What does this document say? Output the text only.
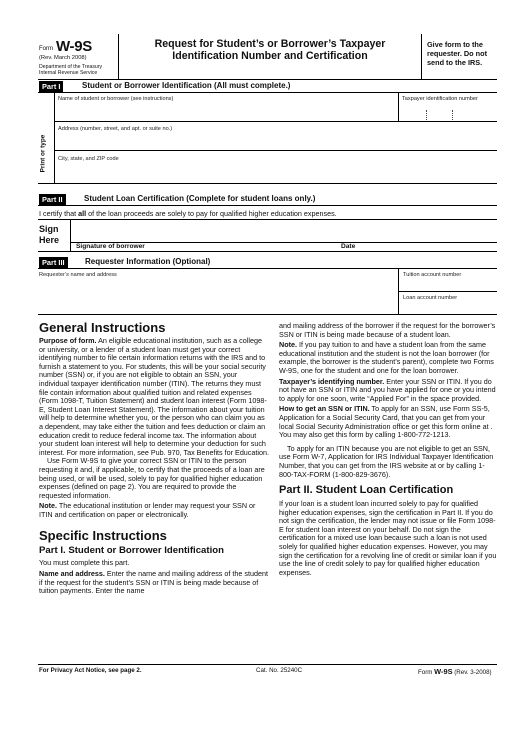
Form W-9S
(Rev. March 2008)
Department of the Treasury
Internal Revenue Service
Request for Student’s or Borrower’s Taxpayer
Identification Number and Certification
Give form to the requester. Do not send to the IRS.
Part I	Student or Borrower Identification (All must complete.)
Print or type
Name of student or borrower (see instructions)	Taxpayer identification number
Address (number, street, and apt. or suite no.)
City, state, and ZIP code
Part II	Student Loan Certification (Complete for student loans only.)
I certify that all of the loan proceeds are solely to pay for qualified higher education expenses.
Sign
Here
Signature of borrower	Date
Part III	Requester Information (Optional)
Requester’s name and address	Tuition account number
Loan account number
General Instructions

Purpose of form. An eligible educational institution, such as a college or university, or a lender of a student loan must get your correct identifying number to file certain information returns with the IRS and to furnish a statement to you. For students, this will be your social security number (SSN) or, if you are not eligible to obtain an SSN, your individual taxpayer identification number (ITIN). The returns they must file contain information about qualified tuition and related expenses (Form 1098-T, Tuition Statement) and student loan interest (Form 1098-E, Student Loan Interest Statement). The information about your tuition will help to determine whether you, or the person who can claim you as a dependent, may take either the tuition and fees deduction or claim an education credit to reduce federal income tax. The information about your student loan interest will help to determine your deduction for such interest. For more information, see Pub. 970, Tax Benefits for Education.

Use Form W-9S to give your correct SSN or ITIN to the person requesting it and, if applicable, to certify that the proceeds of a loan are being used, or will be used, solely to pay for qualified higher education expenses (defined on page 2). You are required to provide the requested information.

Note. The educational institution or lender may request your SSN or ITIN and certification on paper or electronically.

Specific Instructions
Part I. Student or Borrower Identification

You must complete this part.

Name and address. Enter the name and mailing address of the student if the request for the student’s SSN or ITIN is being made because of tuition payments. Enter the name

and mailing address of the borrower if the request for the borrower’s SSN or ITIN is being made because of a student loan.

Note. If you pay tuition to and have a student loan from the same educational institution and the student is not the loan borrower (for example, the borrower is the student’s parent), complete two Forms W-9S, one for the student and one for the loan borrower.

Taxpayer’s identifying number. Enter your SSN or ITIN. If you do not have an SSN or ITIN and you have applied for one or you intend to apply for one soon, write “Applied For” in the space provided.

How to get an SSN or ITIN. To apply for an SSN, use Form SS-5, Application for a Social Security Card, that you can get from your local Social Security Administration office or get this form online at . You may also get this form by calling 1-800-772-1213.

To apply for an ITIN because you are not eligible to get an SSN, use Form W-7, Application for IRS Individual Taxpayer Identification Number, that you can get from the IRS website at or by calling 1-800-TAX-FORM (1-800-829-3676).

Part II. Student Loan Certification

If your loan is a student loan incurred solely to pay for qualified higher education expenses, sign the certification in Part II. If you do not sign the certification, the lender may not issue or file Form 1098-E for student loan interest on your behalf. Do not sign the certification for a mixed use loan because such a loan is not used solely for qualified higher education expenses. However, you may sign the certification for a revolving line of credit or similar loan if you use the line of credit solely to pay for qualified higher education expenses.

For Privacy Act Notice, see page 2.	Cat. No. 25240C	Form W-9S (Rev. 3-2008)
